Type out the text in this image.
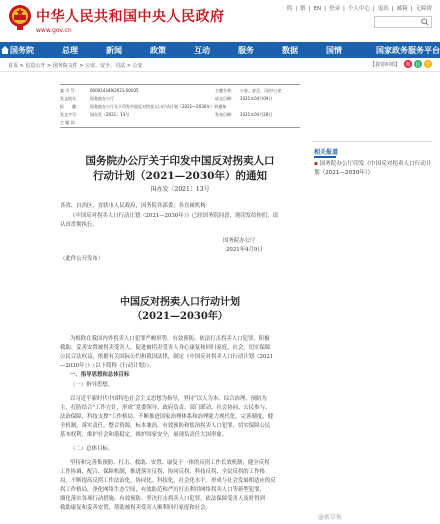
中华人民共和国中央人民政府
www.gov.cn
简 | 繁 | EN | 登录 | 个人中心 | 退出 | 邮箱 | 无障碍
国务院	总理	新闻	政策	互动	服务	数据	国情	国家政务服务平台
首页 > 信息公开 > 国务院文件 > 公安、安全、司法 > 公安	【我要纠错】 微 信 空
索 引 号：	000014349/2021-00035	主题分类： 公安、安全、司法\公安
发文机关：	国务院办公厅	成文日期： 2021年04月09日
标　　题：	国务院办公厅关于印发中国反对拐卖人口行动计划（2021—2030年）的通知
发文字号：	国办发〔2021〕13号	发布日期： 2021年04月28日
主 题 词：
国务院办公厅关于印发中国反对拐卖人口
行动计划（2021—2030年）的通知
国办发〔2021〕13号
各省、自治区、直辖市人民政府，国务院各部委、各直属机构：
《中国反对拐卖人口行动计划（2021—2030年）》已经国务院同意，现印发给你们，请
认真贯彻执行。
国务院办公厅
2021年4月9日
（此件公开发布）
中国反对拐卖人口行动计划
（2021—2030年）
为根除在我国内外拐卖人口犯罪严峻形势，有效预防、依法打击拐卖人口犯罪，积极
救助、妥善安置被拐卖受害人，促进被拐卖受害人身心康复和回归家庭、社会，切实保障
公民合法权益，依据有关国际公约和我国法律，制定《中国反对拐卖人口行动计划（2021
—2030年）》（以下简称《行动计划》）。
一、指导思想和总体目标
（一）指导思想。
以习近平新时代中国特色社会主义思想为指导，坚持“以人为本、综合治理、预防为
主、打防结合”工作方针，形成“党委领导、政府负责、部门联动、社会协同、公民参与、
法治保障、科技支撑”工作格局，不断推进国家治理体系和治理能力现代化，完善制度，健
全机制，落实责任，整合资源，标本兼治，有效预防和惩治拐卖人口犯罪，切实保障公民
基本权利，维护社会和谐稳定，维护国家安全，展现负责任大国形象。
（二）总体目标。
坚持和完善集预防、打击、救助、安置、康复于一体的反拐工作长效机制，健全反拐
工作协调、配合、保障机制，推进落实反拐、协同反拐、科技反拐、全民反拐的工作格
局，不断提高反拐工作法治化、协同化、科技化、社会化水平，形成与社会发展相适应的反
拐工作格局，净化网络生态空间，有效防范和严厉打击利用网络拐卖人口等新型犯罪，
细化落实各项行动措施、有效预防、坚决打击拐卖人口犯罪，依法保障受害人及时得到
救助康复和妥善安置，帮助被拐卖受害人顺利回归家庭和社会。
相关报道
▪ 国务院办公厅印发《中国反对拐卖人口行动计划（2021—2030年）》
@新京报
